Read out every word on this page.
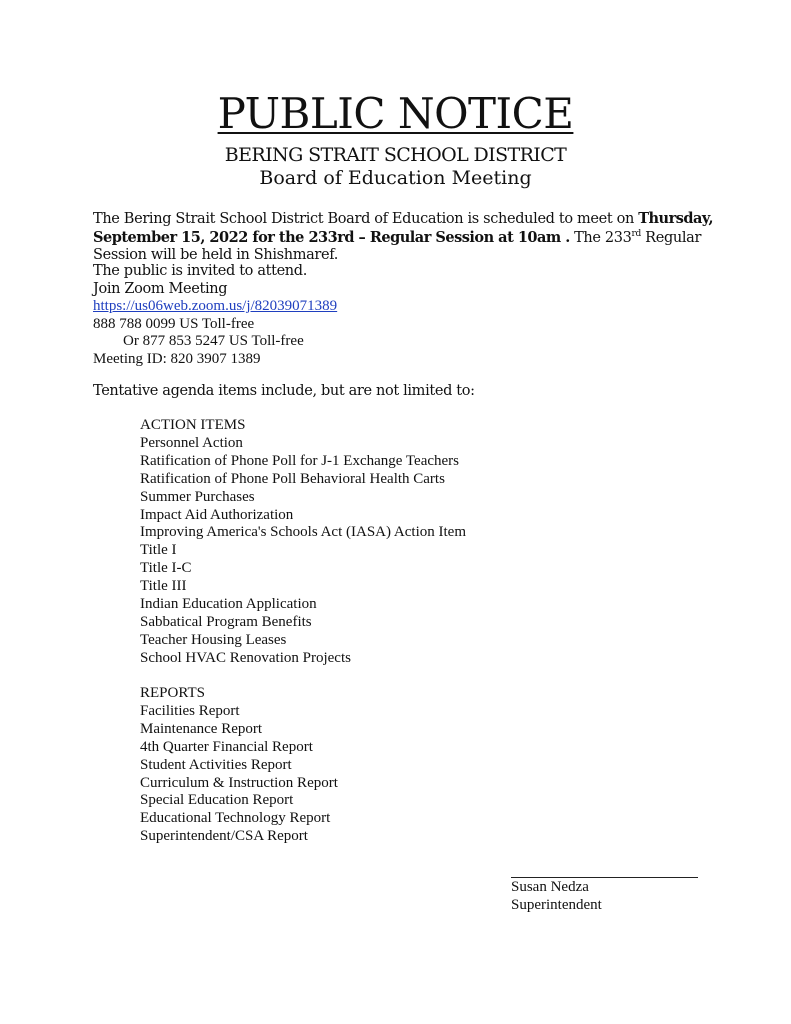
PUBLIC NOTICE
BERING STRAIT SCHOOL DISTRICT
Board of Education Meeting

The Bering Strait School District Board of Education is scheduled to meet on Thursday, September 15, 2022 for the 233rd – Regular Session at 10am . The 233rd Regular Session will be held in Shishmaref.

The public is invited to attend.
Join Zoom Meeting
https://us06web.zoom.us/j/82039071389
888 788 0099 US Toll-free
Or 877 853 5247 US Toll-free
Meeting ID: 820 3907 1389

Tentative agenda items include, but are not limited to:

ACTION ITEMS
Personnel Action
Ratification of Phone Poll for J-1 Exchange Teachers
Ratification of Phone Poll Behavioral Health Carts
Summer Purchases
Impact Aid Authorization
Improving America's Schools Act (IASA) Action Item
Title I
Title I-C
Title III
Indian Education Application
Sabbatical Program Benefits
Teacher Housing Leases
School HVAC Renovation Projects
REPORTS
Facilities Report
Maintenance Report
4th Quarter Financial Report
Student Activities Report
Curriculum & Instruction Report
Special Education Report
Educational Technology Report
Superintendent/CSA Report
Susan Nedza
Superintendent
